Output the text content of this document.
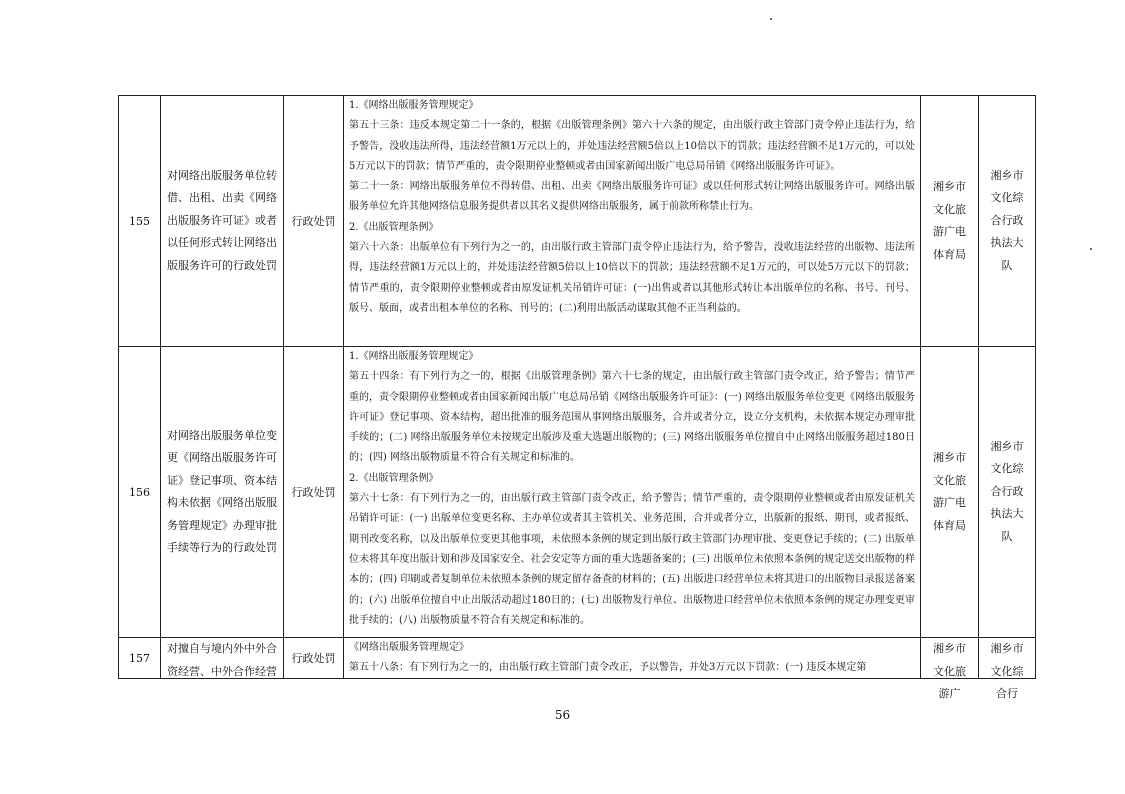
155	对网络出版服务单位转借、出租、出卖《网络出版服务许可证》或者以任何形式转让网络出版服务许可的行政处罚	行政处罚	1.《网络出版服务管理规定》

第五十三条：违反本规定第二十一条的，根据《出版管理条例》第六十六条的规定，由出版行政主管部门责令停止违法行为，给予警告，没收违法所得，违法经营额1万元以上的，并处违法经营额5倍以上10倍以下的罚款；违法经营额不足1万元的，可以处5万元以下的罚款；情节严重的，责令限期停业整顿或者由国家新闻出版广电总局吊销《网络出版服务许可证》。

第二十一条：网络出版服务单位不得转借、出租、出卖《网络出版服务许可证》或以任何形式转让网络出版服务许可。网络出版服务单位允许其他网络信息服务提供者以其名义提供网络出版服务，属于前款所称禁止行为。

2.《出版管理条例》

第六十六条：出版单位有下列行为之一的，由出版行政主管部门责令停止违法行为，给予警告，没收违法经营的出版物、违法所得，违法经营额1万元以上的，并处违法经营额5倍以上10倍以下的罚款；违法经营额不足1万元的，可以处5万元以下的罚款；情节严重的，责令限期停业整顿或者由原发证机关吊销许可证：(一)出售或者以其他形式转让本出版单位的名称、书号、刊号、版号、版面，或者出租本单位的名称、刊号的；(二)利用出版活动谋取其他不正当利益的。	湘乡市文化旅游广电体育局	湘乡市文化综合行政执法大队
156	对网络出版服务单位变更《网络出版服务许可证》登记事项、资本结构未依据《网络出版服务管理规定》办理审批手续等行为的行政处罚	行政处罚	1.《网络出版服务管理规定》

第五十四条：有下列行为之一的，根据《出版管理条例》第六十七条的规定，由出版行政主管部门责令改正，给予警告；情节严重的，责令限期停业整顿或者由国家新闻出版广电总局吊销《网络出版服务许可证》：(一) 网络出版服务单位变更《网络出版服务许可证》登记事项、资本结构，超出批准的服务范围从事网络出版服务，合并或者分立，设立分支机构，未依据本规定办理审批手续的；(二) 网络出版服务单位未按规定出版涉及重大选题出版物的；(三) 网络出版服务单位擅自中止网络出版服务超过180日的；(四) 网络出版物质量不符合有关规定和标准的。

2.《出版管理条例》

第六十七条：有下列行为之一的，由出版行政主管部门责令改正，给予警告；情节严重的，责令限期停业整顿或者由原发证机关吊销许可证：(一) 出版单位变更名称、主办单位或者其主管机关、业务范围，合并或者分立，出版新的报纸、期刊，或者报纸、期刊改变名称，以及出版单位变更其他事项，未依照本条例的规定到出版行政主管部门办理审批、变更登记手续的；(二) 出版单位未将其年度出版计划和涉及国家安全、社会安定等方面的重大选题备案的；(三) 出版单位未依照本条例的规定送交出版物的样本的；(四) 印刷或者复制单位未依照本条例的规定留存备查的材料的；(五) 出版进口经营单位未将其进口的出版物目录报送备案的；(六) 出版单位擅自中止出版活动超过180日的；(七) 出版物发行单位、出版物进口经营单位未依照本条例的规定办理变更审批手续的；(八) 出版物质量不符合有关规定和标准的。	湘乡市文化旅游广电体育局	湘乡市文化综合行政执法大队
157	对擅自与境内外中外合资经营、中外合作经营	行政处罚	《网络出版服务管理规定》

第五十八条：有下列行为之一的，由出版行政主管部门责令改正，予以警告，并处3万元以下罚款：(一) 违反本规定第	湘乡市文化旅游广	湘乡市文化综合行
56
